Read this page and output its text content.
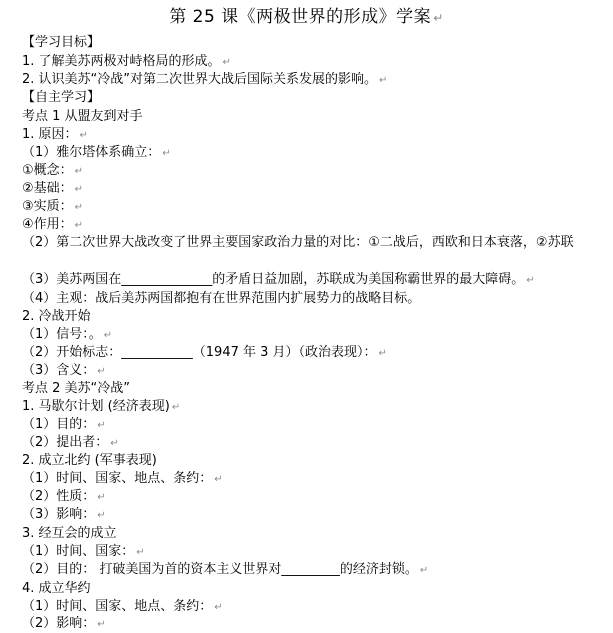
第 25 课《两极世界的形成》学案 ↵
【学习目标】
1. 了解美苏两极对峙格局的形成。 ↵
2. 认识美苏“冷战”对第二次世界大战后国际关系发展的影响。 ↵
【自主学习】
考点 1 从盟友到对手
1. 原因： ↵
（1）雅尔塔体系确立： ↵
①概念： ↵
②基础： ↵
③实质： ↵
④作用： ↵
（2）第二次世界大战改变了世界主要国家政治力量的对比：①二战后，西欧和日本衰落，②苏联
（3）美苏两国在______________的矛盾日益加剧，苏联成为美国称霸世界的最大障碍。 ↵
（4）主观：战后美苏两国都抱有在世界范围内扩展势力的战略目标。
2. 冷战开始
（1）信号：。 ↵
（2）开始标志：___________（1947 年 3 月）（政治表现）： ↵
（3）含义： ↵
考点 2 美苏“冷战”
1. 马歇尔计划 (经济表现) ↵
（1）目的： ↵
（2）提出者： ↵
2. 成立北约 (军事表现)
（1）时间、国家、地点、条约： ↵
（2）性质： ↵
（3）影响： ↵
3. 经互会的成立
（1）时间、国家： ↵
（2）目的： 打破美国为首的资本主义世界对_________的经济封锁。 ↵
4. 成立华约
（1）时间、国家、地点、条约： ↵
（2）影响： ↵
